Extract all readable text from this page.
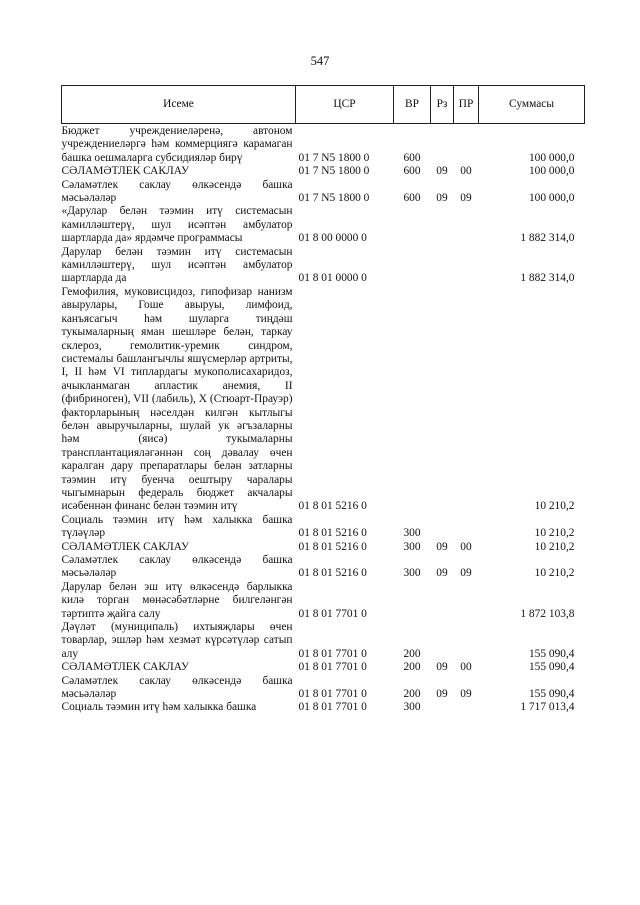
547
Исеме	ЦСР	ВР	Рз	ПР	Суммасы
Бюджет учреждениеләренә, автоном учреждениеләргә һәм коммерциягә карамаган башка оешмаларга субсидияләр бирү	01 7 N5 1800 0	600			100 000,0
СӘЛАМӘТЛЕК САКЛАУ	01 7 N5 1800 0	600	09	00	100 000,0
Сәламәтлек саклау өлкәсендә башка мәсьәләләр	01 7 N5 1800 0	600	09	09	100 000,0
«Дарулар белән тәэмин итү системасын камилләштерү, шул исәптән амбулатор шартларда да» ярдәмче программасы	01 8 00 0000 0				1 882 314,0
Дарулар белән тәэмин итү системасын камилләштерү, шул исәптән амбулатор шартларда да	01 8 01 0000 0				1 882 314,0
Гемофилия, муковисцидоз, гипофизар нанизм авырулары, Гоше авыруы, лимфоид, канъясагыч һәм шуларга тиңдәш тукымаларның яман шешләре белән, таркау склероз, гемолитик-уремик синдром, системалы башлангычлы яшүсмерләр артриты, I, II һәм VI типлардагы мукополисахаридоз, ачыкланмаган апластик анемия, II (фибриноген), VII (лабиль), X (Стюарт-Прауэр) факторларының нәселдән килгән кытлыгы белән авыручыларны, шулай ук әгъзаларны һәм (яисә) тукымаларны трансплантацияләгәннән соң дәвалау өчен каралган дару препаратлары белән затларны тәэмин итү буенча оештыру чаралары чыгымнарын федераль бюджет акчалары исәбеннән финанс белән тәэмин итү	01 8 01 5216 0				10 210,2
Социаль тәэмин итү һәм халыкка башка түләүләр	01 8 01 5216 0	300			10 210,2
СӘЛАМӘТЛЕК САКЛАУ	01 8 01 5216 0	300	09	00	10 210,2
Сәламәтлек саклау өлкәсендә башка мәсьәләләр	01 8 01 5216 0	300	09	09	10 210,2
Дарулар белән эш итү өлкәсендә барлыкка килә торган мөнәсәбәтләрне билгеләнгән тәртиптә җайга салу	01 8 01 7701 0				1 872 103,8
Дәүләт (муниципаль) ихтыяҗлары өчен товарлар, эшләр һәм хезмәт күрсәтүләр сатып алу	01 8 01 7701 0	200			155 090,4
СӘЛАМӘТЛЕК САКЛАУ	01 8 01 7701 0	200	09	00	155 090,4
Сәламәтлек саклау өлкәсендә башка мәсьәләләр	01 8 01 7701 0	200	09	09	155 090,4
Социаль тәэмин итү һәм халыкка башка	01 8 01 7701 0	300			1 717 013,4
